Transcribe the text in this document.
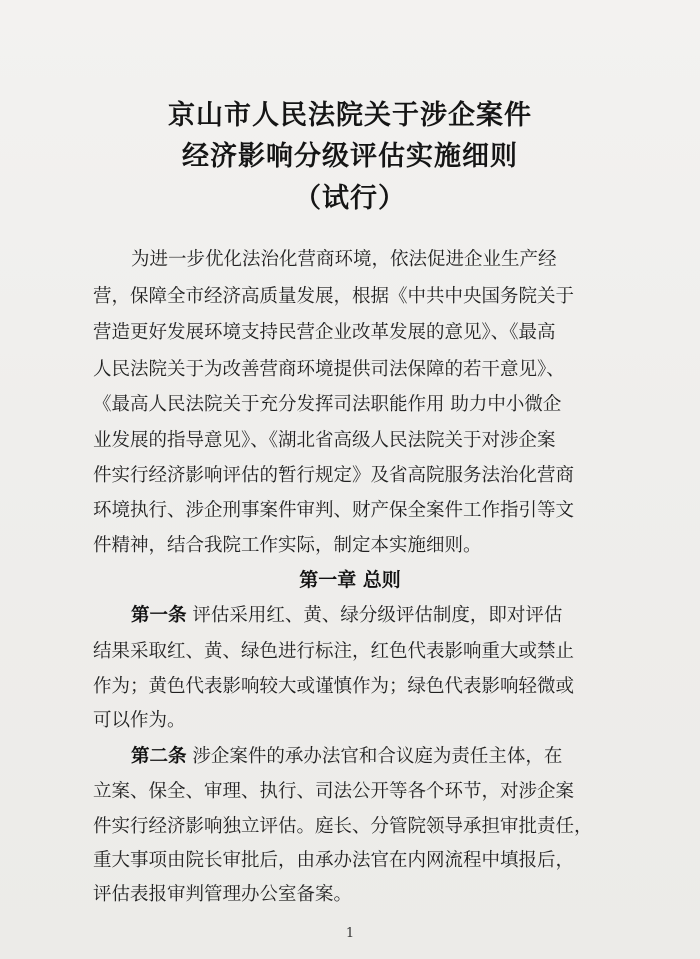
京山市人民法院关于涉企案件
经济影响分级评估实施细则
（试行）
为进一步优化法治化营商环境，依法促进企业生产经
营，保障全市经济高质量发展，根据《中共中央国务院关于
营造更好发展环境支持民营企业改革发展的意见》、《最高
人民法院关于为改善营商环境提供司法保障的若干意见》、
《最高人民法院关于充分发挥司法职能作用 助力中小微企
业发展的指导意见》、《湖北省高级人民法院关于对涉企案
件实行经济影响评估的暂行规定》及省高院服务法治化营商
环境执行、涉企刑事案件审判、财产保全案件工作指引等文
件精神，结合我院工作实际，制定本实施细则。
第一章 总则
第一条 评估采用红、黄、绿分级评估制度，即对评估
结果采取红、黄、绿色进行标注，红色代表影响重大或禁止
作为；黄色代表影响较大或谨慎作为；绿色代表影响轻微或
可以作为。
第二条 涉企案件的承办法官和合议庭为责任主体，在
立案、保全、审理、执行、司法公开等各个环节，对涉企案
件实行经济影响独立评估。庭长、分管院领导承担审批责任，
重大事项由院长审批后，由承办法官在内网流程中填报后，
评估表报审判管理办公室备案。
1
